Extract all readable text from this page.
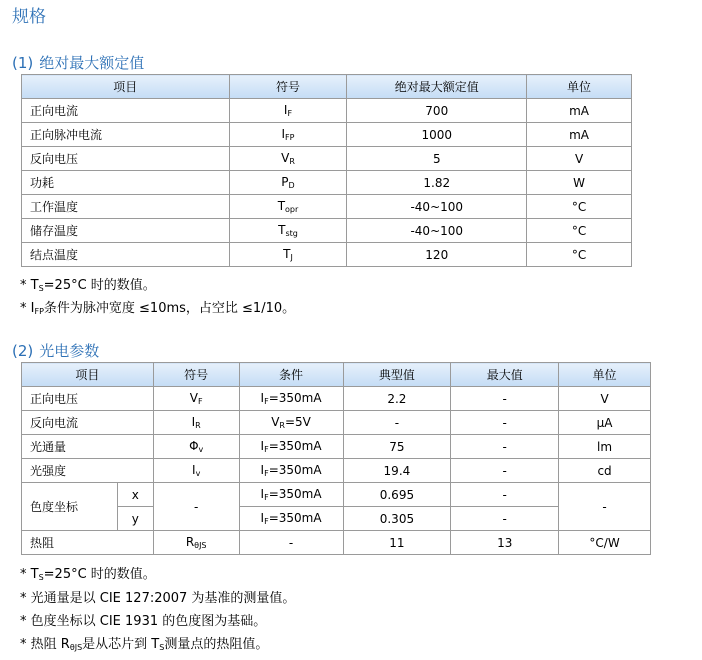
规格
(1) 绝对最大额定值
项目	符号	绝对最大额定值	单位
正向电流	$I_F$	700	mA
正向脉冲电流	$I_{FP}$	1000	mA
反向电压	$V_R$	5	V
功耗	$P_D$	1.82	W
工作温度	$T_{opr}$	-40~100	°C
储存温度	$T_{stg}$	-40~100	°C
结点温度	$T_J$	120	°C
* $T_S=25^\circ C$ 时的数值。
* $I_{FP}$条件为脉冲宽度 ≤10ms，占空比 ≤1/10。
(2) 光电参数
项目		符号	条件	典型值	最大值	单位
正向电压		$V_F$	$I_F=350mA$	2.2	-	V
反向电流		$I_R$	$V_R=5V$	-	-	μA
光通量		$\Phi_v$	$I_F=350mA$	75	-	lm
光强度		$I_v$	$I_F=350mA$	19.4	-	cd
色度坐标	x	-	$I_F=350mA$	0.695	-	-
	y		$I_F=350mA$	0.305	-	
热阻		$R_{\theta JS}$	-	11	13	°C/W
* $T_S=25^\circ C$ 时的数值。
* 光通量是以 CIE 127:2007 为基准的测量值。
* 色度坐标以 CIE 1931 的色度图为基础。
* 热阻 $R_{\theta JS}$是从芯片到 $T_S$测量点的热阻值。
